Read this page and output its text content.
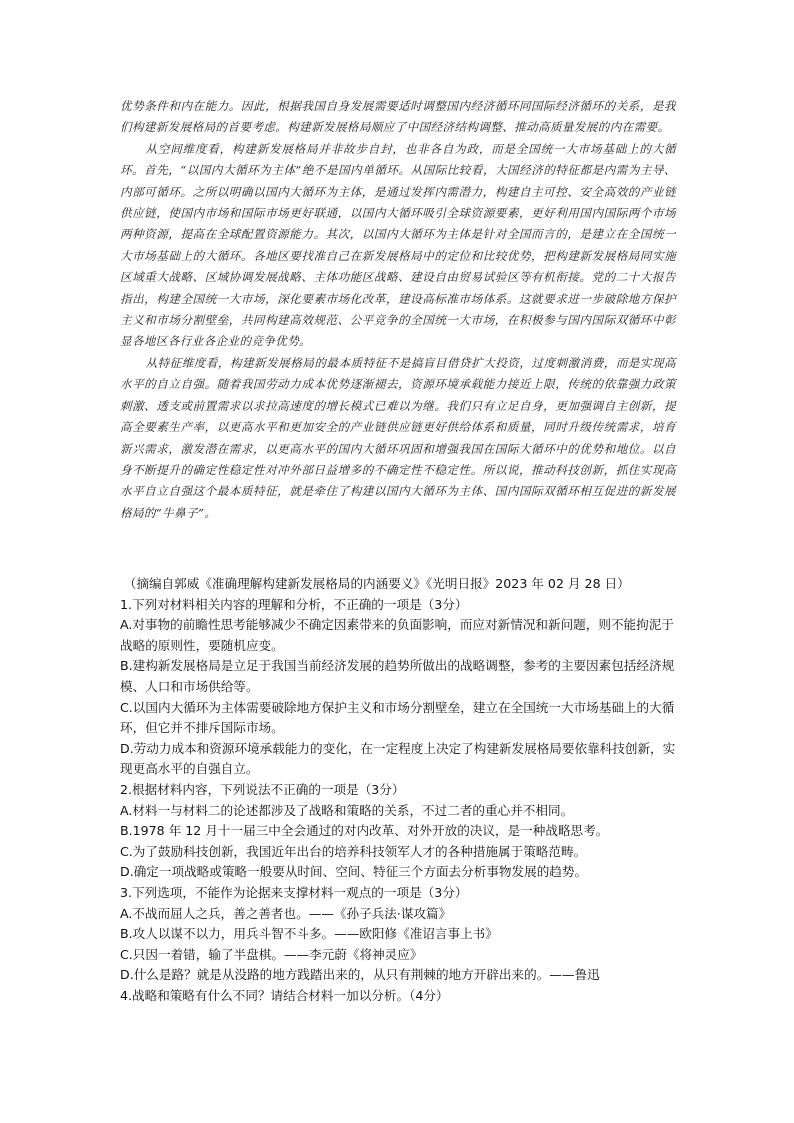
优势条件和内在能力。因此，根据我国自身发展需要适时调整国内经济循环同国际经济循环的关系，是我们构建新发展格局的首要考虑。构建新发展格局顺应了中国经济结构调整、推动高质量发展的内在需要。

从空间维度看，构建新发展格局并非故步自封，也非各自为政，而是全国统一大市场基础上的大循环。首先，“以国内大循环为主体”绝不是国内单循环。从国际比较看，大国经济的特征都是内需为主导、内部可循环。之所以明确以国内大循环为主体，是通过发挥内需潜力，构建自主可控、安全高效的产业链供应链，使国内市场和国际市场更好联通，以国内大循环吸引全球资源要素，更好利用国内国际两个市场两种资源，提高在全球配置资源能力。其次，以国内大循环为主体是针对全国而言的，是建立在全国统一大市场基础上的大循环。各地区要找准自己在新发展格局中的定位和比较优势，把构建新发展格局同实施区域重大战略、区域协调发展战略、主体功能区战略、建设自由贸易试验区等有机衔接。党的二十大报告指出，构建全国统一大市场，深化要素市场化改革，建设高标准市场体系。这就要求进一步破除地方保护主义和市场分割壁垒，共同构建高效规范、公平竞争的全国统一大市场，在积极参与国内国际双循环中彰显各地区各行业各企业的竞争优势。

从特征维度看，构建新发展格局的最本质特征不是搞盲目借贷扩大投资，过度刺激消费，而是实现高水平的自立自强。随着我国劳动力成本优势逐渐褪去，资源环境承载能力接近上限，传统的依靠强力政策刺激、透支或前置需求以求拉高速度的增长模式已难以为继。我们只有立足自身，更加强调自主创新，提高全要素生产率，以更高水平和更加安全的产业链供应链更好供给体系和质量，同时升级传统需求，培育新兴需求，激发潜在需求，以更高水平的国内大循环巩固和增强我国在国际大循环中的优势和地位。以自身不断提升的确定性稳定性对冲外部日益增多的不确定性不稳定性。所以说，推动科技创新，抓住实现高水平自立自强这个最本质特征，就是牵住了构建以国内大循环为主体、国内国际双循环相互促进的新发展格局的“牛鼻子”。

（摘编自郭威《准确理解构建新发展格局的内涵要义》《光明日报》2023 年 02 月 28 日）
1.下列对材料相关内容的理解和分析，不正确的一项是（3分）
A.对事物的前瞻性思考能够减少不确定因素带来的负面影响，而应对新情况和新问题，则不能拘泥于战略的原则性，要随机应变。
B.建构新发展格局是立足于我国当前经济发展的趋势所做出的战略调整，参考的主要因素包括经济规模、人口和市场供给等。
C.以国内大循环为主体需要破除地方保护主义和市场分割壁垒，建立在全国统一大市场基础上的大循环，但它并不排斥国际市场。
D.劳动力成本和资源环境承载能力的变化，在一定程度上决定了构建新发展格局要依靠科技创新，实现更高水平的自强自立。
2.根据材料内容，下列说法不正确的一项是（3分）
A.材料一与材料二的论述都涉及了战略和策略的关系，不过二者的重心并不相同。
B.1978 年 12 月十一届三中全会通过的对内改革、对外开放的决议，是一种战略思考。
C.为了鼓励科技创新，我国近年出台的培养科技领军人才的各种措施属于策略范畴。
D.确定一项战略或策略一般要从时间、空间、特征三个方面去分析事物发展的趋势。
3.下列选项，不能作为论据来支撑材料一观点的一项是（3分）
A.不战而屈人之兵，善之善者也。——《孙子兵法·谋攻篇》
B.攻人以谋不以力，用兵斗智不斗多。——欧阳修《准诏言事上书》
C.只因一着错，输了半盘棋。——李元蔚《将神灵应》
D.什么是路？就是从没路的地方践踏出来的，从只有荆棘的地方开辟出来的。——鲁迅
4.战略和策略有什么不同？请结合材料一加以分析。（4分）
